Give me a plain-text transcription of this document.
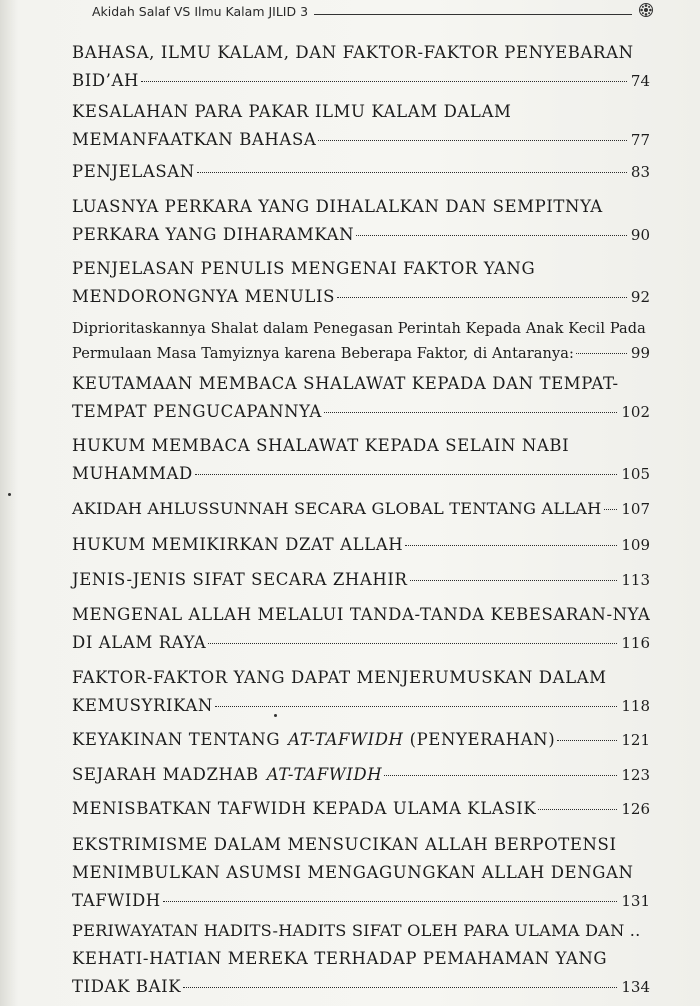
Akidah Salaf VS Ilmu Kalam JILID 3
BAHASA, ILMU KALAM, DAN FAKTOR-FAKTOR PENYEBARAN
BID’AH	74
KESALAHAN PARA PAKAR ILMU KALAM DALAM
MEMANFAATKAN BAHASA	77
PENJELASAN	83
LUASNYA PERKARA YANG DIHALALKAN DAN SEMPITNYA
PERKARA YANG DIHARAMKAN	90
PENJELASAN PENULIS MENGENAI FAKTOR YANG
MENDORONGNYA MENULIS	92
Diprioritaskannya Shalat dalam Penegasan Perintah Kepada Anak Kecil Pada
Permulaan Masa Tamyiznya karena Beberapa Faktor, di Antaranya:	99
KEUTAMAAN MEMBACA SHALAWAT KEPADA DAN TEMPAT-
TEMPAT PENGUCAPANNYA	102
HUKUM MEMBACA SHALAWAT KEPADA SELAIN NABI
MUHAMMAD	105
AKIDAH AHLUSSUNNAH SECARA GLOBAL TENTANG ALLAH 107
HUKUM MEMIKIRKAN DZAT ALLAH	109
JENIS-JENIS SIFAT SECARA ZHAHIR	113
MENGENAL ALLAH MELALUI TANDA-TANDA KEBESARAN-NYA
DI ALAM RAYA	116
FAKTOR-FAKTOR YANG DAPAT MENJERUMUSKAN DALAM
KEMUSYRIKAN	118
KEYAKINAN TENTANG AT-TAFWIDH (PENYERAHAN)	121
SEJARAH MADZHAB AT-TAFWIDH	123
MENISBATKAN TAFWIDH KEPADA ULAMA KLASIK	126
EKSTRIMISME DALAM MENSUCIKAN ALLAH BERPOTENSI
MENIMBULKAN ASUMSI MENGAGUNGKAN ALLAH DENGAN
TAFWIDH	131
PERIWAYATAN HADITS-HADITS SIFAT OLEH PARA ULAMA DAN ..
KEHATI-HATIAN MEREKA TERHADAP PEMAHAMAN YANG
TIDAK BAIK	134
